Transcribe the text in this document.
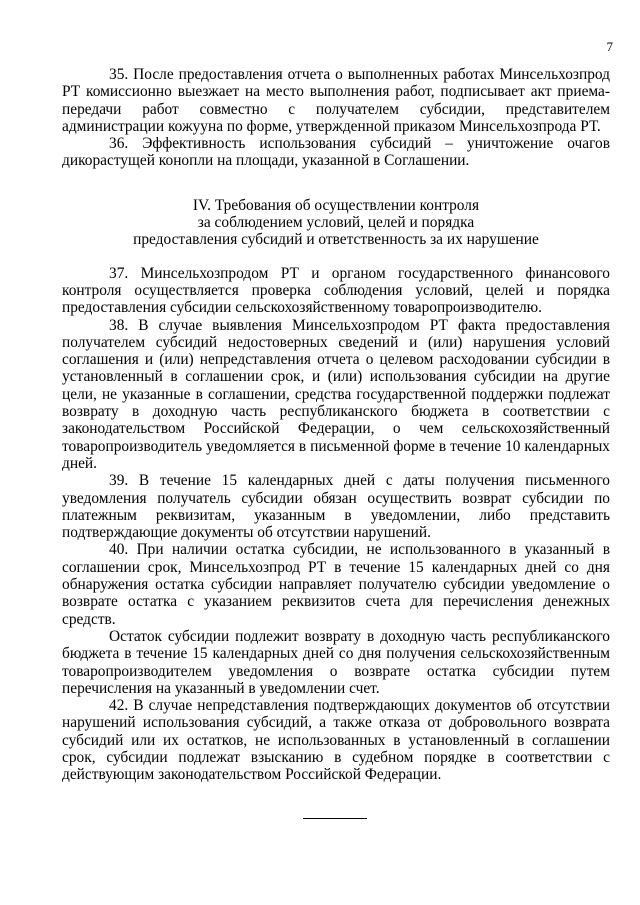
7

35. После предоставления отчета о выполненных работах Минсельхозпрод РТ комиссионно выезжает на место выполнения работ, подписывает акт приема-передачи работ совместно с получателем субсидии, представителем администрации кожууна по форме, утвержденной приказом Минсельхозпрода РТ.

36. Эффективность использования субсидий – уничтожение очагов дикорастущей конопли на площади, указанной в Соглашении.

IV. Требования об осуществлении контроля
за соблюдением условий, целей и порядка
предоставления субсидий и ответственность за их нарушение

37. Минсельхозпродом РТ и органом государственного финансового контроля осуществляется проверка соблюдения условий, целей и порядка предоставления субсидии сельскохозяйственному товаропроизводителю.

38. В случае выявления Минсельхозпродом РТ факта предоставления получателем субсидий недостоверных сведений и (или) нарушения условий соглашения и (или) непредставления отчета о целевом расходовании субсидии в установленный в соглашении срок, и (или) использования субсидии на другие цели, не указанные в соглашении, средства государственной поддержки подлежат возврату в доходную часть республиканского бюджета в соответствии с законодательством Российской Федерации, о чем сельскохозяйственный товаропроизводитель уведомляется в письменной форме в течение 10 календарных дней.

39. В течение 15 календарных дней с даты получения письменного уведомления получатель субсидии обязан осуществить возврат субсидии по платежным реквизитам, указанным в уведомлении, либо представить подтверждающие документы об отсутствии нарушений.

40. При наличии остатка субсидии, не использованного в указанный в соглашении срок, Минсельхозпрод РТ в течение 15 календарных дней со дня обнаружения остатка субсидии направляет получателю субсидии уведомление о возврате остатка с указанием реквизитов счета для перечисления денежных средств.

Остаток субсидии подлежит возврату в доходную часть республиканского бюджета в течение 15 календарных дней со дня получения сельскохозяйственным товаропроизводителем уведомления о возврате остатка субсидии путем перечисления на указанный в уведомлении счет.

42. В случае непредставления подтверждающих документов об отсутствии нарушений использования субсидий, а также отказа от добровольного возврата субсидий или их остатков, не использованных в установленный в соглашении срок, субсидии подлежат взысканию в судебном порядке в соответствии с действующим законодательством Российской Федерации.
